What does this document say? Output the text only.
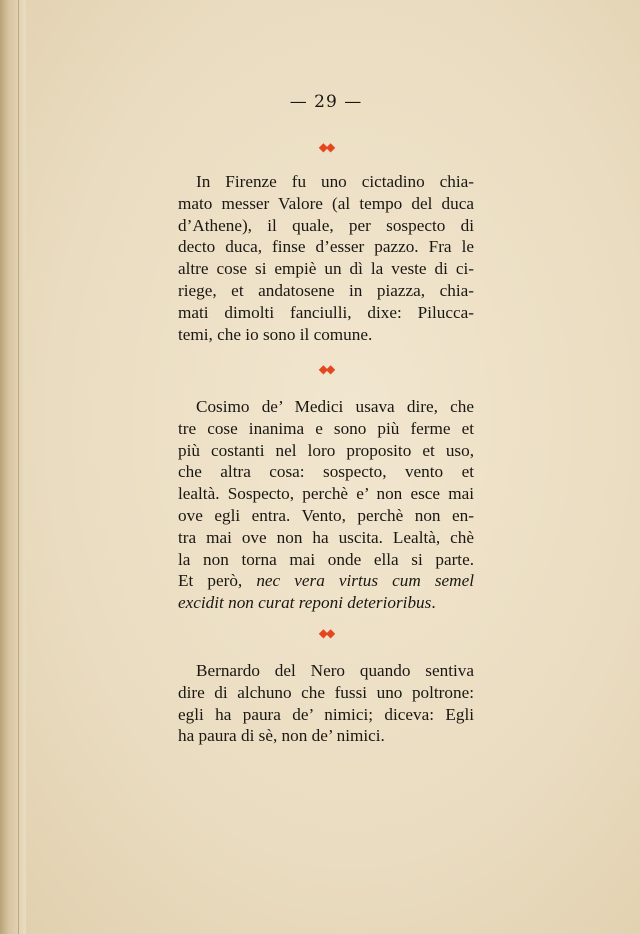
— 29 —
◆◆
In Firenze fu uno cictadino chia-
mato messer Valore (al tempo del duca
d’Athene), il quale, per sospecto di
decto duca, finse d’esser pazzo. Fra le
altre cose si empiè un dì la veste di ci-
riege, et andatosene in piazza, chia-
mati dimolti fanciulli, dixe: Pilucca-
temi, che io sono il comune.
◆◆
Cosimo de’ Medici usava dire, che
tre cose inanima e sono più ferme et
più costanti nel loro proposito et uso,
che altra cosa: sospecto, vento et
lealtà. Sospecto, perchè e’ non esce mai
ove egli entra. Vento, perchè non en-
tra mai ove non ha uscita. Lealtà, chè
la non torna mai onde ella si parte.
Et però, nec vera virtus cum semel
excidit non curat reponi deterioribus.
◆◆
Bernardo del Nero quando sentiva
dire di alchuno che fussi uno poltrone:
egli ha paura de’ nimici; diceva: Egli
ha paura di sè, non de’ nimici.
